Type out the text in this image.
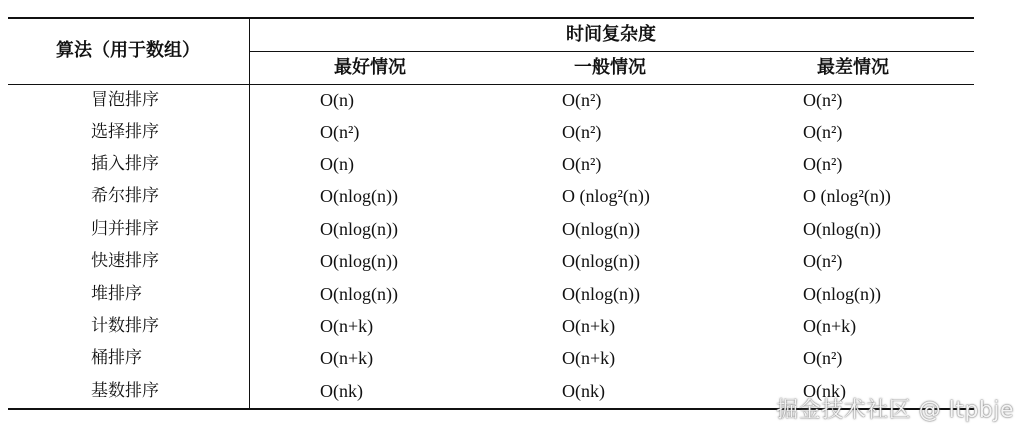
算法（用于数组）
时间复杂度
最好情况	一般情况	最差情况
冒泡排序	O(n)	O(n²)	O(n²)
选择排序	O(n²)	O(n²)	O(n²)
插入排序	O(n)	O(n²)	O(n²)
希尔排序	O(nlog(n))	O (nlog²(n))	O (nlog²(n))
归并排序	O(nlog(n))	O(nlog(n))	O(nlog(n))
快速排序	O(nlog(n))	O(nlog(n))	O(n²)
堆排序	O(nlog(n))	O(nlog(n))	O(nlog(n))
计数排序	O(n+k)	O(n+k)	O(n+k)
桶排序	O(n+k)	O(n+k)	O(n²)
基数排序	O(nk)	O(nk)	O(nk)
掘金技术社区 @ ltpbje
